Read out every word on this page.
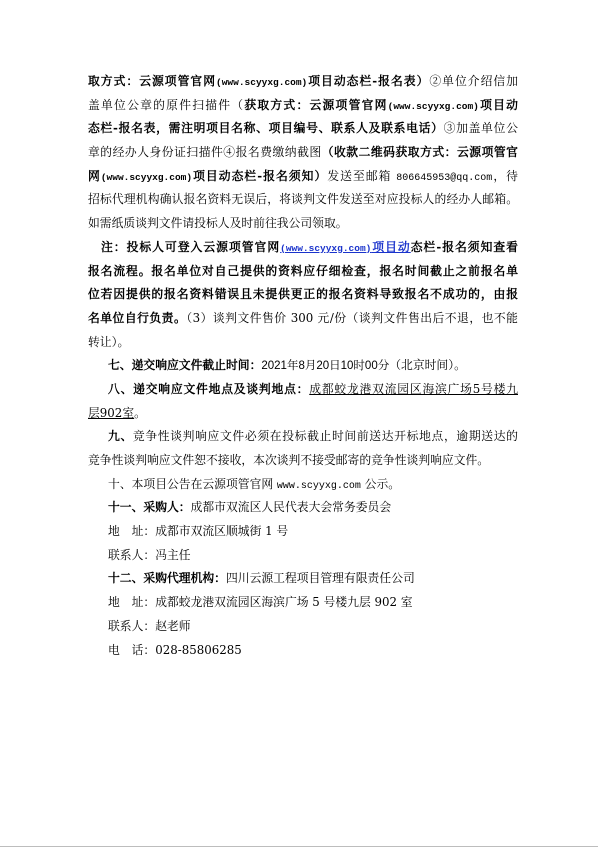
取方式：云源项管官网(www.scyyxg.com)项目动态栏-报名表）②单位介绍信加
盖单位公章的原件扫描件（获取方式：云源项管官网(www.scyyxg.com)项目动
态栏-报名表，需注明项目名称、项目编号、联系人及联系电话）③加盖单位公
章的经办人身份证扫描件④报名费缴纳截图（收款二维码获取方式：云源项管官
网(www.scyyxg.com)项目动态栏-报名须知）发送至邮箱 806645953@qq.com，待
招标代理机构确认报名资料无误后，将谈判文件发送至对应投标人的经办人邮箱。
如需纸质谈判文件请投标人及时前往我公司领取。
注：投标人可登入云源项管官网(www.scyyxg.com)项目动态栏-报名须知查看
报名流程。报名单位对自己提供的资料应仔细检查，报名时间截止之前报名单
位若因提供的报名资料错误且未提供更正的报名资料导致报名不成功的，由报
名单位自行负责。（3）谈判文件售价 300 元/份（谈判文件售出后不退，也不能
转让）。
七、递交响应文件截止时间：2021年8月20日10时00分（北京时间）。
八、递交响应文件地点及谈判地点：成都蛟龙港双流园区海滨广场5号楼九
层902室。
九、竞争性谈判响应文件必须在投标截止时间前送达开标地点，逾期送达的
竞争性谈判响应文件恕不接收，本次谈判不接受邮寄的竞争性谈判响应文件。
十、本项目公告在云源项管官网 www.scyyxg.com 公示。
十一、采购人：成都市双流区人民代表大会常务委员会
地　址：成都市双流区顺城街 1 号
联系人：冯主任
十二、采购代理机构：四川云源工程项目管理有限责任公司
地　址：成都蛟龙港双流园区海滨广场 5 号楼九层 902 室
联系人：赵老师
电　话：028-85806285
